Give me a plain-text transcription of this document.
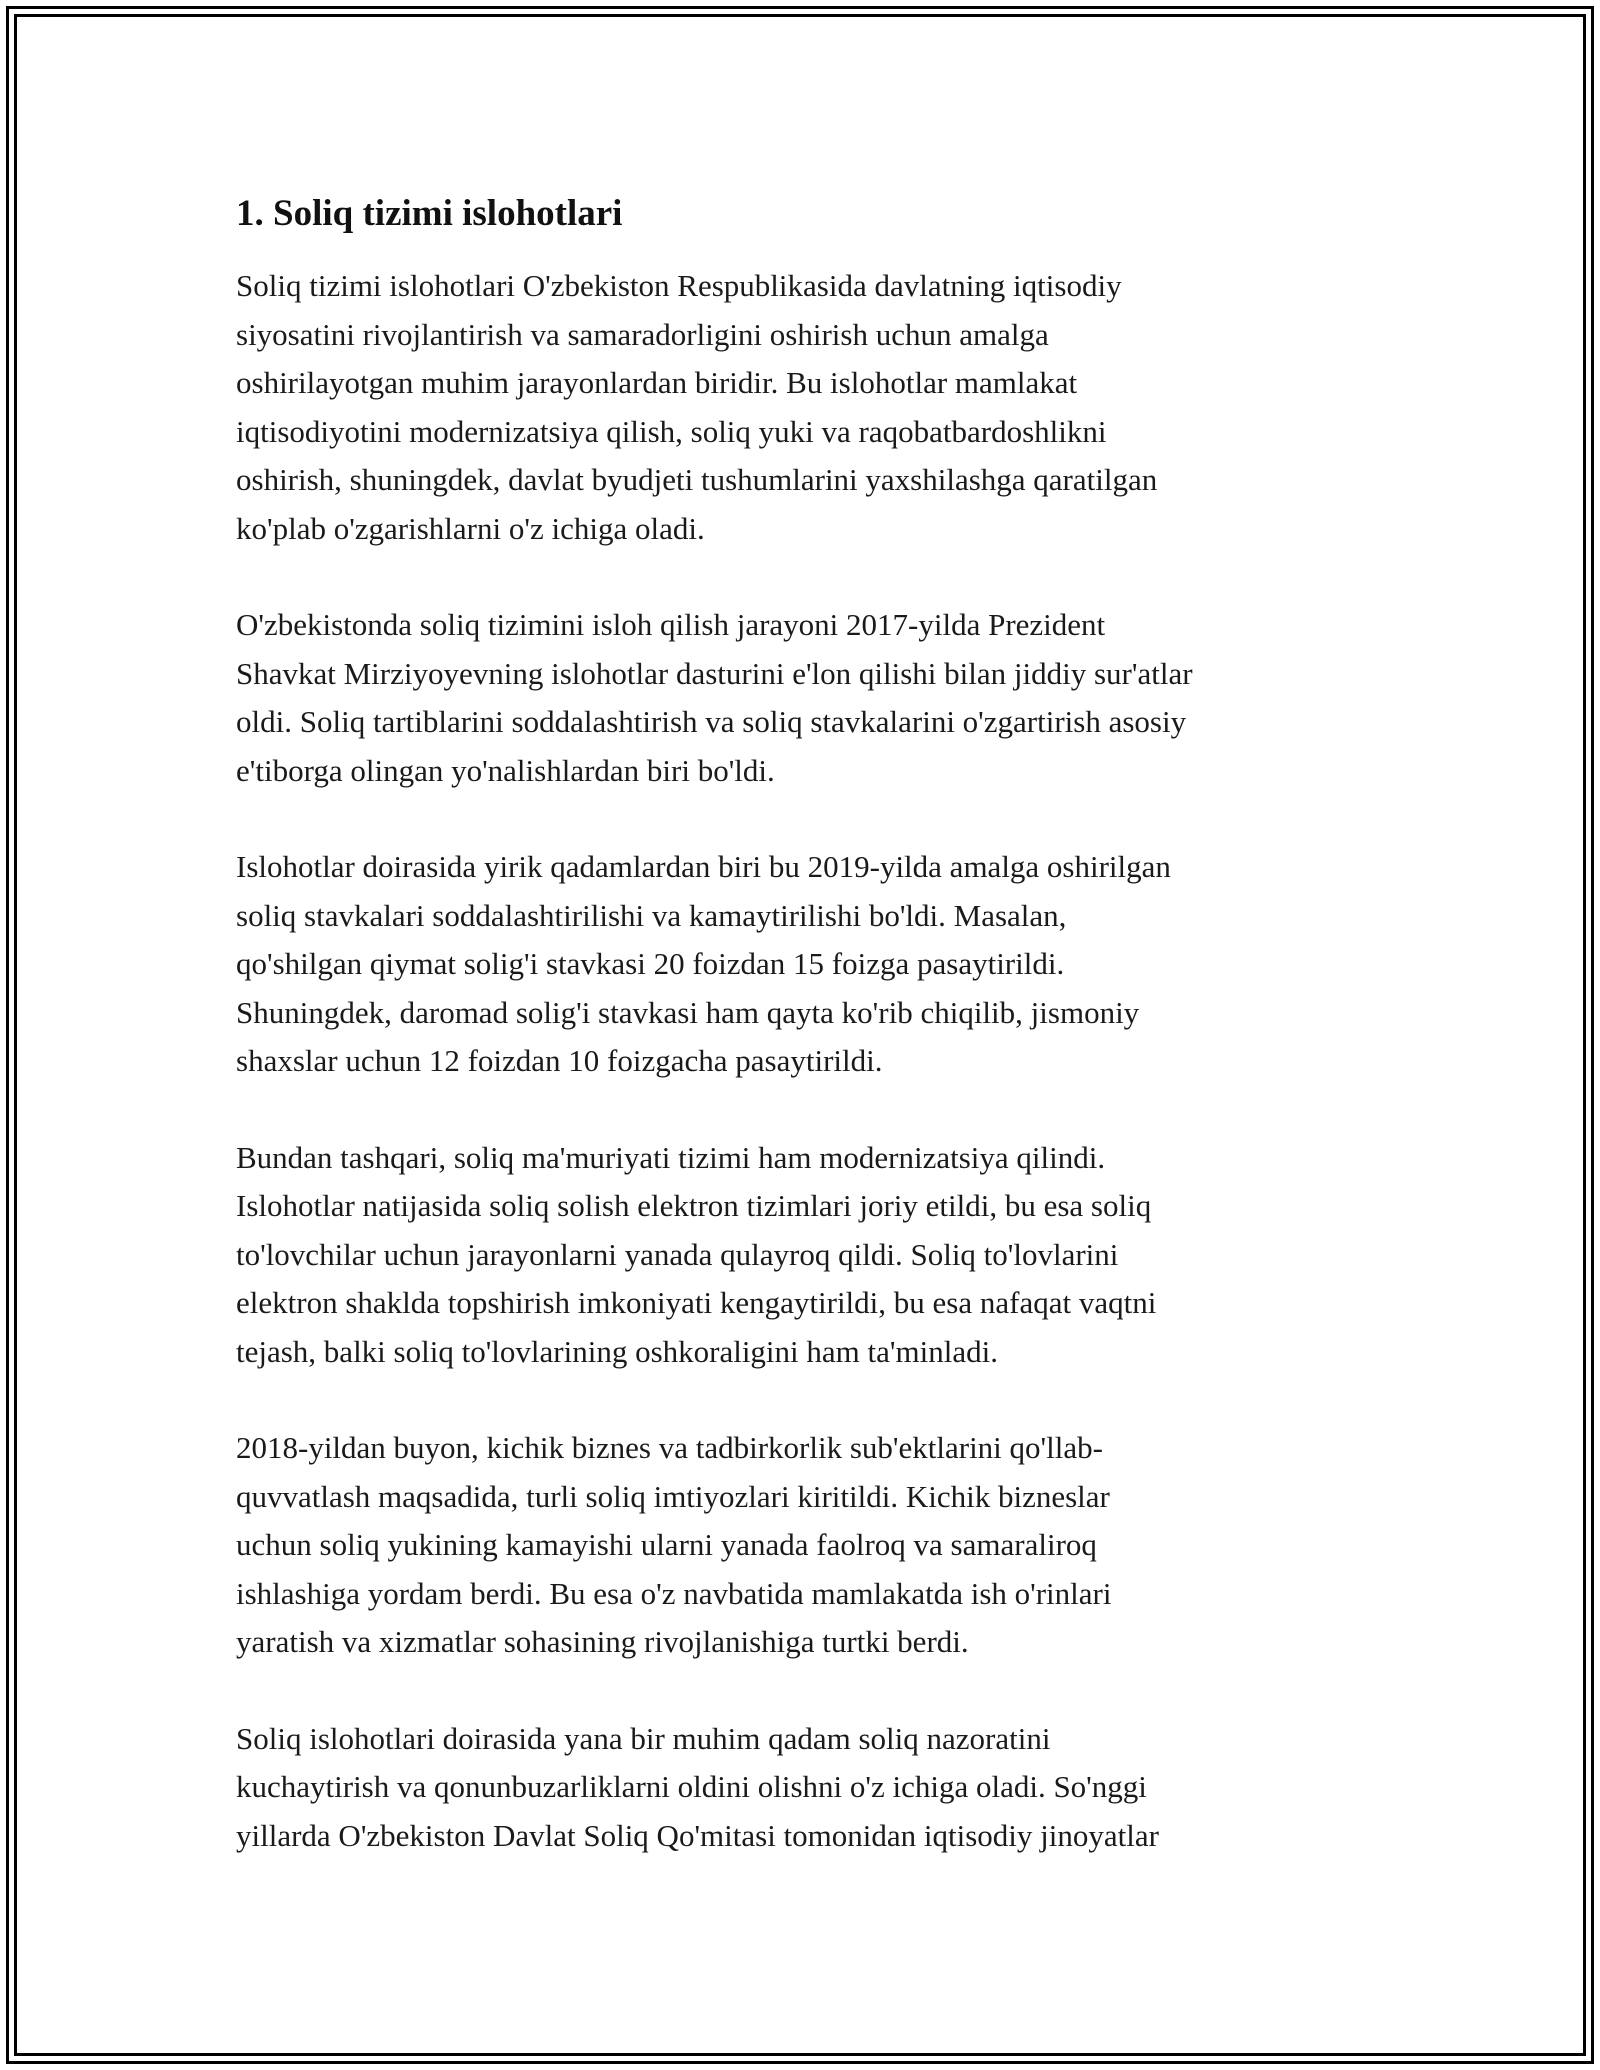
1. Soliq tizimi islohotlari

Soliq tizimi islohotlari O'zbekiston Respublikasida davlatning iqtisodiy
siyosatini rivojlantirish va samaradorligini oshirish uchun amalga
oshirilayotgan muhim jarayonlardan biridir. Bu islohotlar mamlakat
iqtisodiyotini modernizatsiya qilish, soliq yuki va raqobatbardoshlikni
oshirish, shuningdek, davlat byudjeti tushumlarini yaxshilashga qaratilgan
ko'plab o'zgarishlarni o'z ichiga oladi.

O'zbekistonda soliq tizimini isloh qilish jarayoni 2017-yilda Prezident
Shavkat Mirziyoyevning islohotlar dasturini e'lon qilishi bilan jiddiy sur'atlar
oldi. Soliq tartiblarini soddalashtirish va soliq stavkalarini o'zgartirish asosiy
e'tiborga olingan yo'nalishlardan biri bo'ldi.

Islohotlar doirasida yirik qadamlardan biri bu 2019-yilda amalga oshirilgan
soliq stavkalari soddalashtirilishi va kamaytirilishi bo'ldi. Masalan,
qo'shilgan qiymat solig'i stavkasi 20 foizdan 15 foizga pasaytirildi.
Shuningdek, daromad solig'i stavkasi ham qayta ko'rib chiqilib, jismoniy
shaxslar uchun 12 foizdan 10 foizgacha pasaytirildi.

Bundan tashqari, soliq ma'muriyati tizimi ham modernizatsiya qilindi.
Islohotlar natijasida soliq solish elektron tizimlari joriy etildi, bu esa soliq
to'lovchilar uchun jarayonlarni yanada qulayroq qildi. Soliq to'lovlarini
elektron shaklda topshirish imkoniyati kengaytirildi, bu esa nafaqat vaqtni
tejash, balki soliq to'lovlarining oshkoraligini ham ta'minladi.

2018-yildan buyon, kichik biznes va tadbirkorlik sub'ektlarini qo'llab-
quvvatlash maqsadida, turli soliq imtiyozlari kiritildi. Kichik bizneslar
uchun soliq yukining kamayishi ularni yanada faolroq va samaraliroq
ishlashiga yordam berdi. Bu esa o'z navbatida mamlakatda ish o'rinlari
yaratish va xizmatlar sohasining rivojlanishiga turtki berdi.

Soliq islohotlari doirasida yana bir muhim qadam soliq nazoratini
kuchaytirish va qonunbuzarliklarni oldini olishni o'z ichiga oladi. So'nggi
yillarda O'zbekiston Davlat Soliq Qo'mitasi tomonidan iqtisodiy jinoyatlar
